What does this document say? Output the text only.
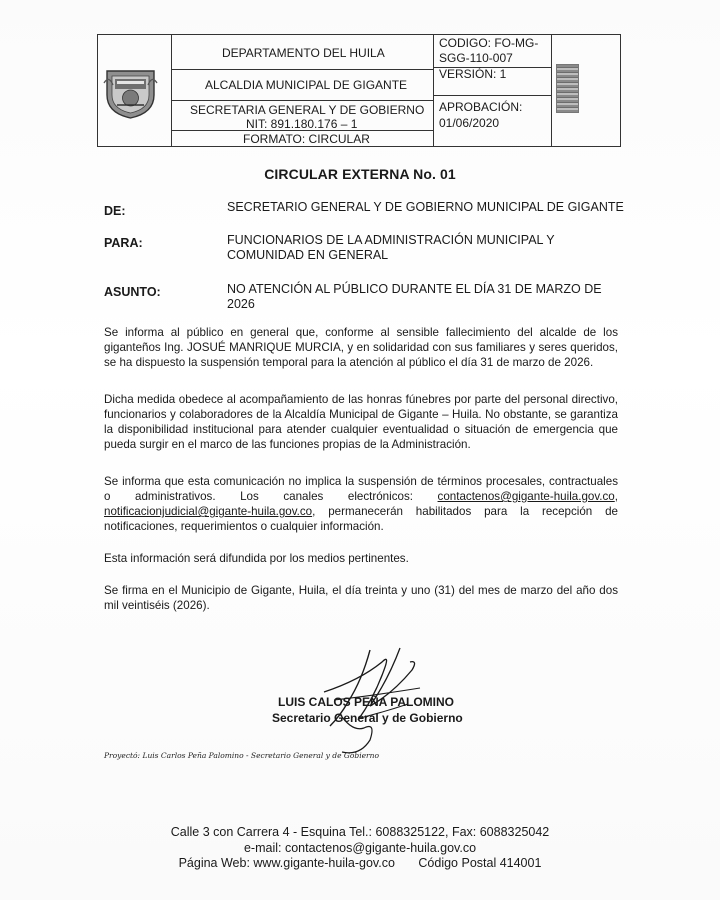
DEPARTAMENTO DEL HUILA
ALCALDIA MUNICIPAL DE GIGANTE
SECRETARIA GENERAL Y DE GOBIERNO
NIT: 891.180.176 – 1
FORMATO: CIRCULAR
CODIGO: FO-MG-
SGG-110-007
VERSIÓN: 1
APROBACIÓN:
01/06/2020
CIRCULAR EXTERNA No. 01
DE:	SECRETARIO GENERAL Y DE GOBIERNO MUNICIPAL DE GIGANTE
PARA:	FUNCIONARIOS DE LA ADMINISTRACIÓN MUNICIPAL Y COMUNIDAD EN GENERAL
ASUNTO:	NO ATENCIÓN AL PÚBLICO DURANTE EL DÍA 31 DE MARZO DE 2026
Se informa al público en general que, conforme al sensible fallecimiento del alcalde de los giganteños Ing. JOSUÉ MANRIQUE MURCIA, y en solidaridad con sus familiares y seres queridos, se ha dispuesto la suspensión temporal para la atención al público el día 31 de marzo de 2026.
Dicha medida obedece al acompañamiento de las honras fúnebres por parte del personal directivo, funcionarios y colaboradores de la Alcaldía Municipal de Gigante – Huila. No obstante, se garantiza la disponibilidad institucional para atender cualquier eventualidad o situación de emergencia que pueda surgir en el marco de las funciones propias de la Administración.
Se informa que esta comunicación no implica la suspensión de términos procesales, contractuales o administrativos. Los canales electrónicos: contactenos@gigante-huila.gov.co, notificacionjudicial@gigante-huila.gov.co, permanecerán habilitados para la recepción de notificaciones, requerimientos o cualquier información.
Esta información será difundida por los medios pertinentes.
Se firma en el Municipio de Gigante, Huila, el día treinta y uno (31) del mes de marzo del año dos mil veintiséis (2026).
LUIS CALOS PEÑA PALOMINO
Secretario General y de Gobierno
Proyectó: Luis Carlos Peña Palomino - Secretario General y de Gobierno
Calle 3 con Carrera 4 - Esquina Tel.: 6088325122, Fax: 6088325042
e-mail: contactenos@gigante-huila.gov.co
Página Web: www.gigante-huila-gov.co Código Postal 414001
